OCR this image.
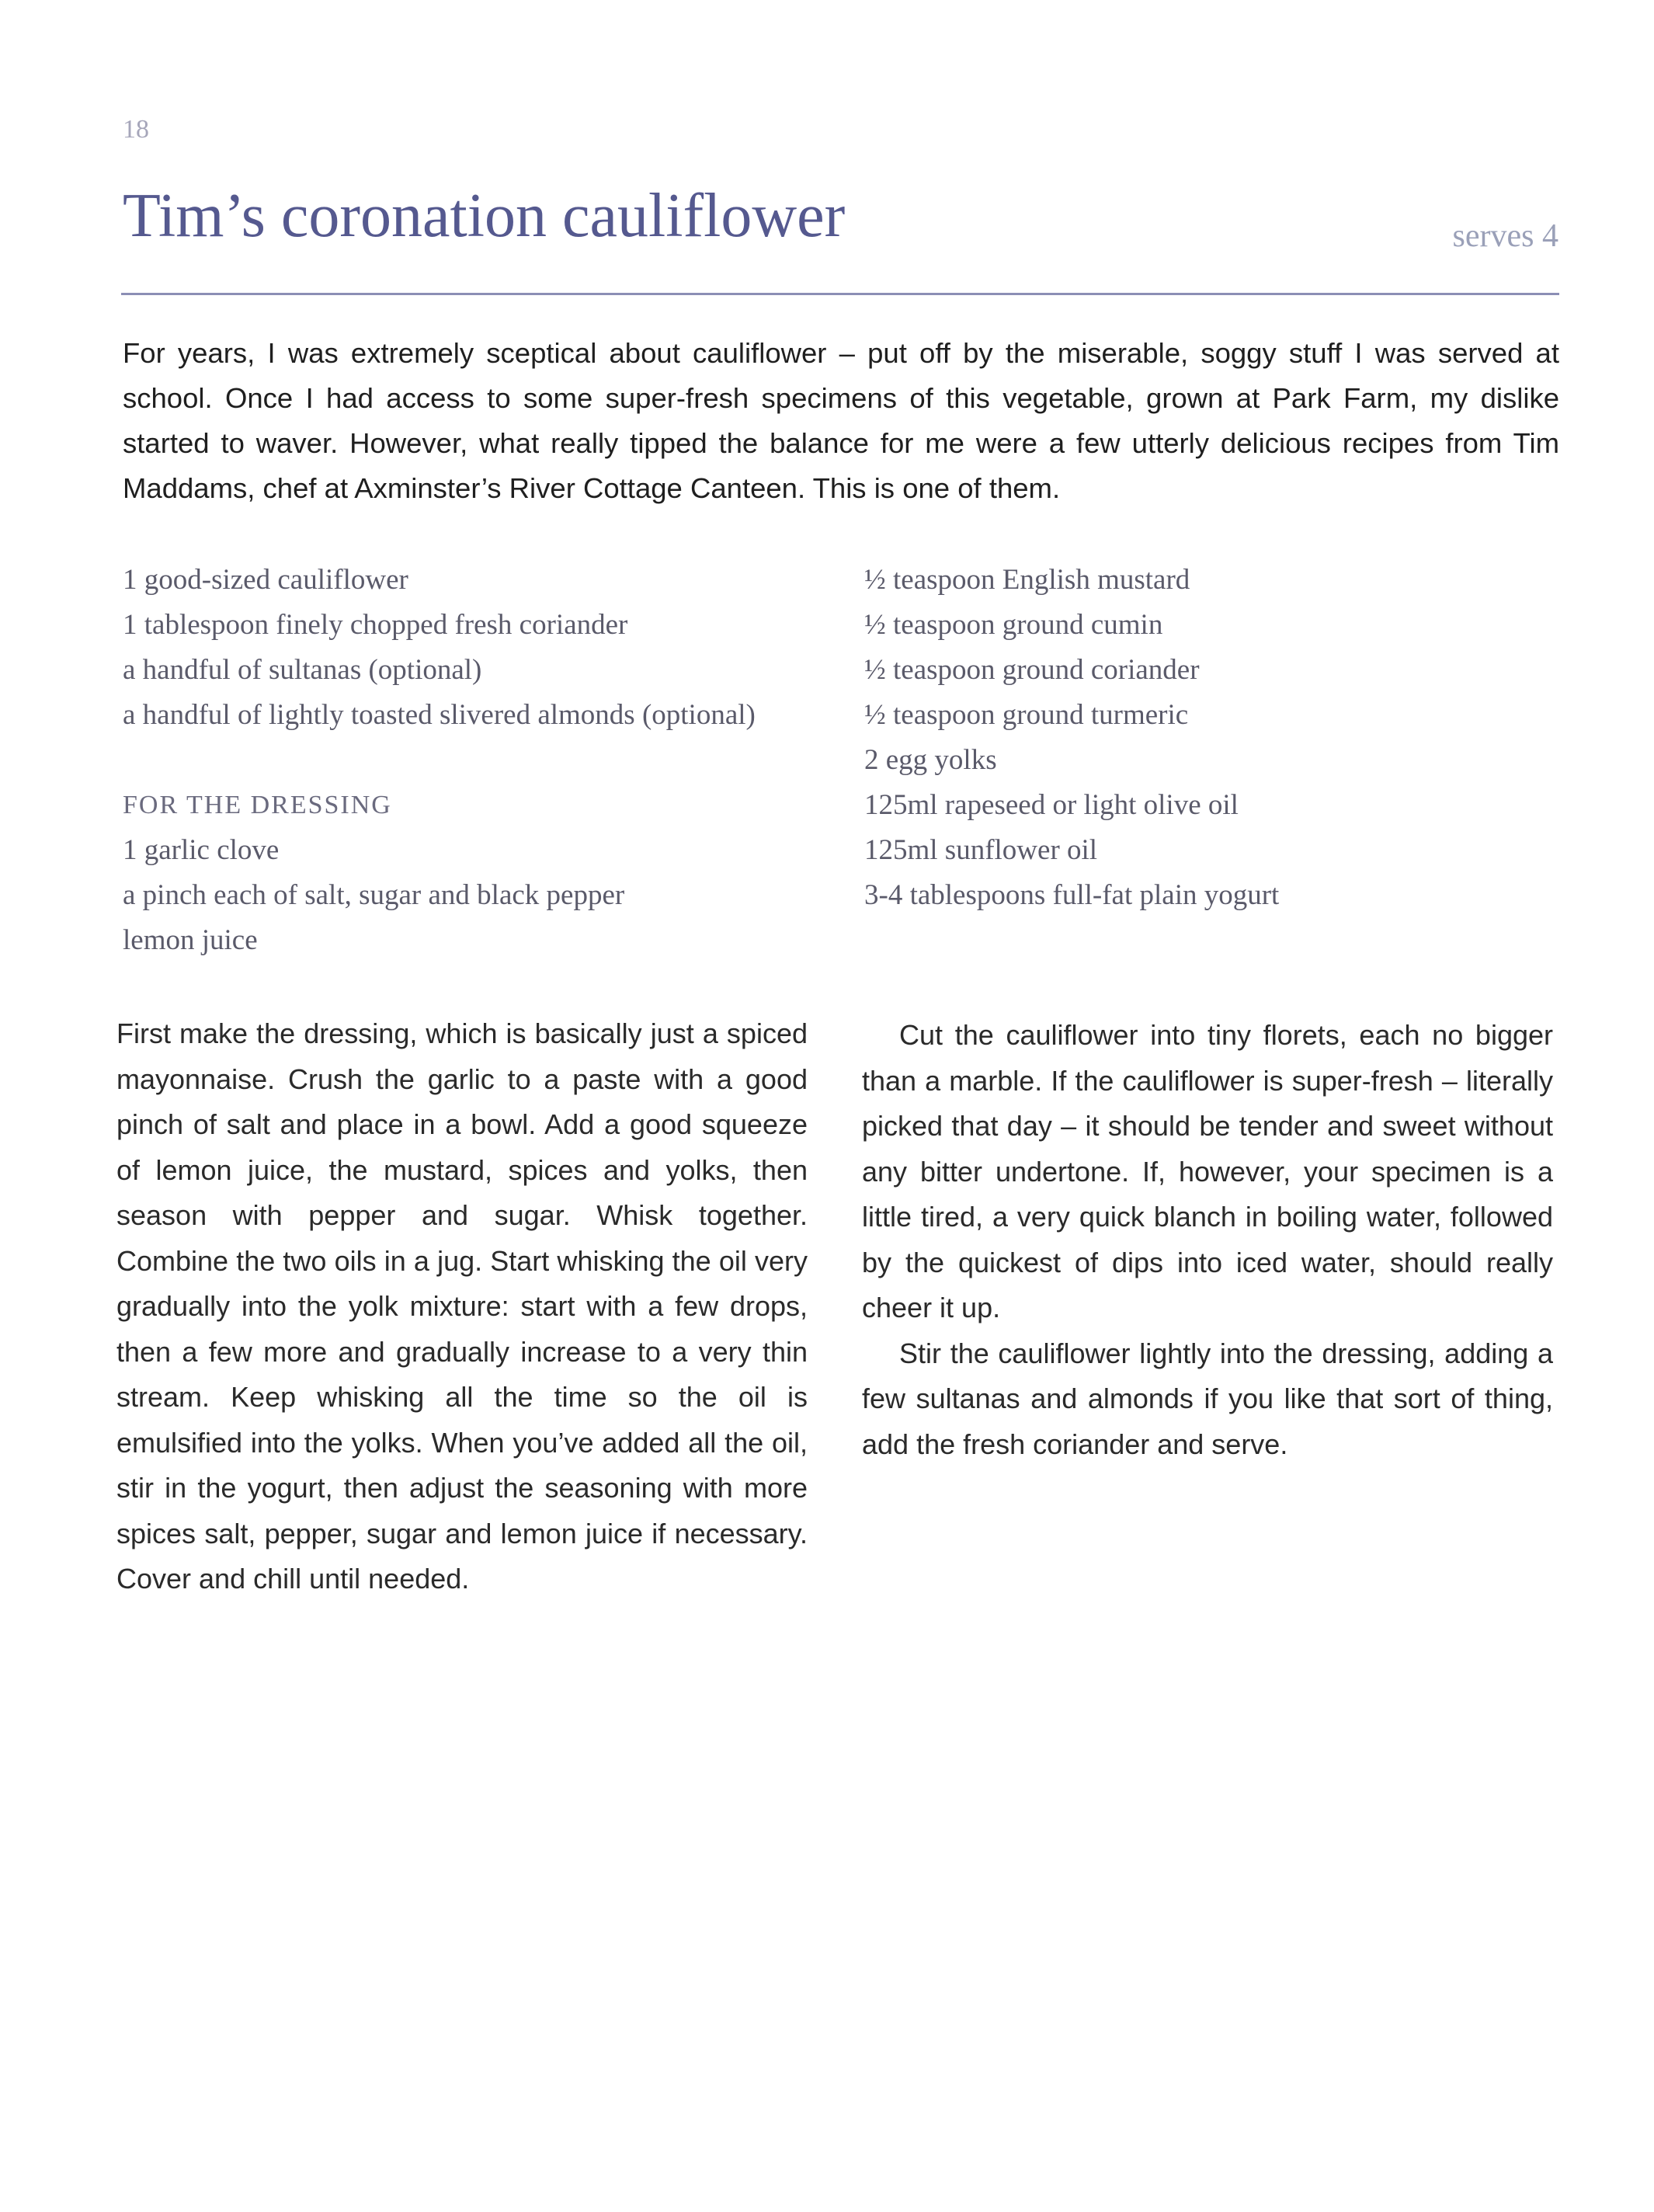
18
Tim’s coronation cauliflower	serves 4

For years, I was extremely sceptical about cauliflower – put off by the miserable, soggy stuff I was served at school. Once I had access to some super-fresh specimens of this vegetable, grown at Park Farm, my dislike started to waver. However, what really tipped the balance for me were a few utterly delicious recipes from Tim Maddams, chef at Axminster’s River Cottage Canteen. This is one of them.

1 good-sized cauliflower
1 tablespoon finely chopped fresh coriander
a handful of sultanas (optional)
a handful of lightly toasted slivered almonds (optional)
FOR THE DRESSING
1 garlic clove
a pinch each of salt, sugar and black pepper
lemon juice
½ teaspoon English mustard
½ teaspoon ground cumin
½ teaspoon ground coriander
½ teaspoon ground turmeric
2 egg yolks
125ml rapeseed or light olive oil
125ml sunflower oil
3-4 tablespoons full-fat plain yogurt

First make the dressing, which is basically just a spiced mayonnaise. Crush the garlic to a paste with a good pinch of salt and place in a bowl. Add a good squeeze of lemon juice, the mustard, spices and yolks, then season with pepper and sugar. Whisk together. Combine the two oils in a jug. Start whisking the oil very gradually into the yolk mixture: start with a few drops, then a few more and gradually increase to a very thin stream. Keep whisking all the time so the oil is emulsified into the yolks. When you’ve added all the oil, stir in the yogurt, then adjust the seasoning with more spices salt, pepper, sugar and lemon juice if necessary. Cover and chill until needed.

Cut the cauliflower into tiny florets, each no bigger than a marble. If the cauliflower is super-fresh – literally picked that day – it should be tender and sweet without any bitter undertone. If, however, your specimen is a little tired, a very quick blanch in boiling water, followed by the quickest of dips into iced water, should really cheer it up.

Stir the cauliflower lightly into the dressing, adding a few sultanas and almonds if you like that sort of thing, add the fresh coriander and serve.
